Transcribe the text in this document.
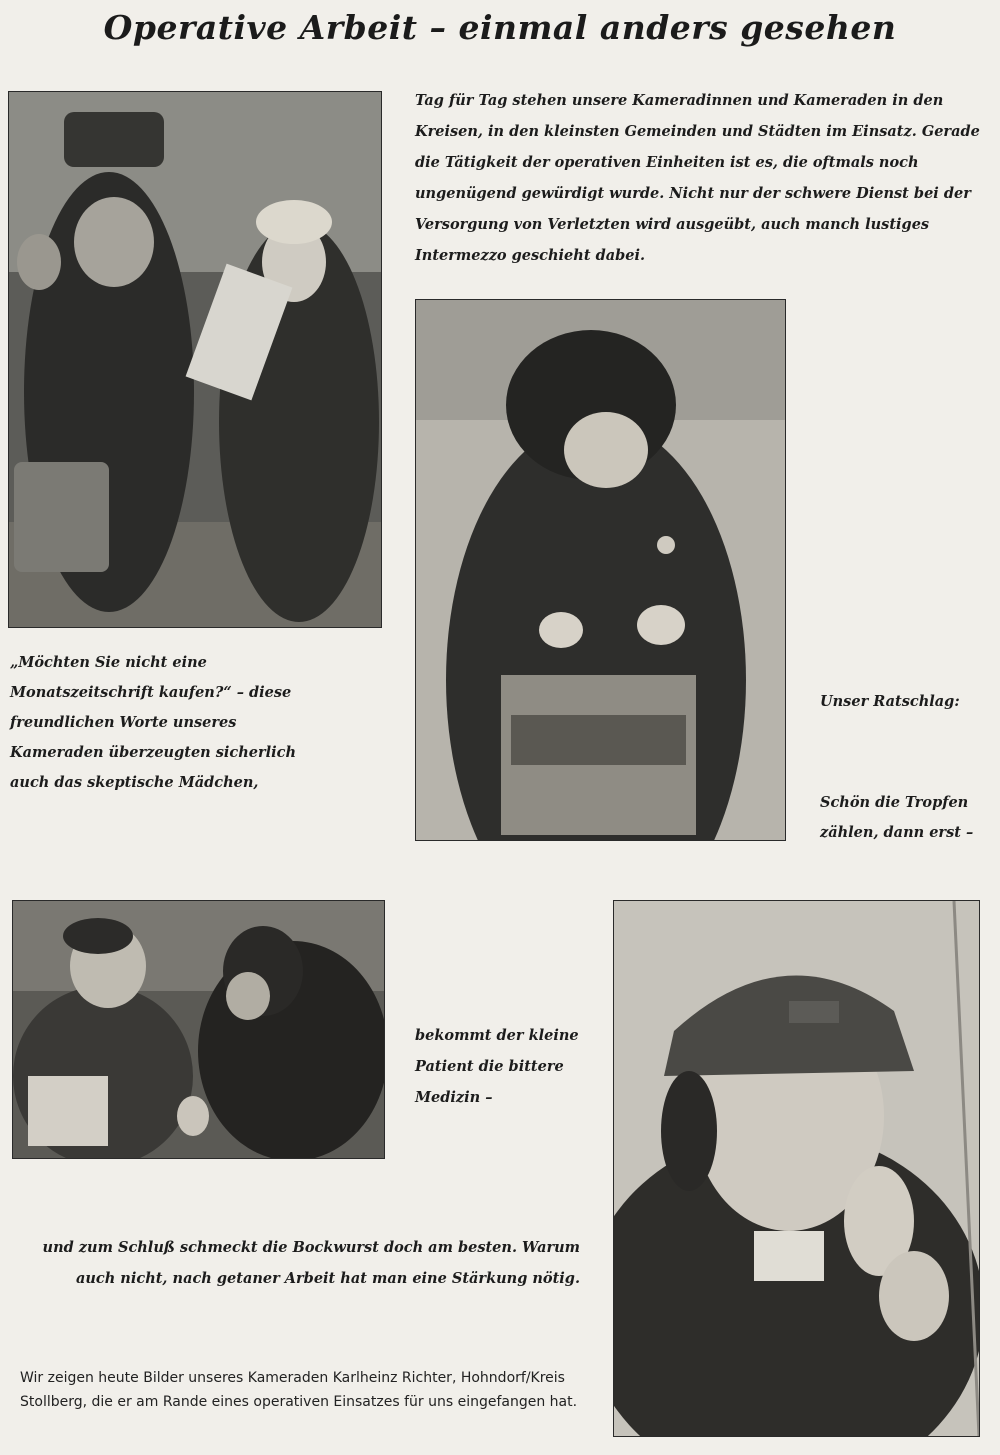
Operative Arbeit – einmal anders gesehen

Tag für Tag stehen unsere Kameradinnen und Kameraden in den Kreisen, in den kleinsten Gemeinden und Städten im Einsatz. Gerade die Tätigkeit der operativen Einheiten ist es, die oftmals noch ungenügend gewürdigt wurde. Nicht nur der schwere Dienst bei der Versorgung von Verletzten wird ausgeübt, auch manch lustiges Intermezzo geschieht dabei.

„Möchten Sie nicht eine Monatszeitschrift kaufen?“ – diese freundlichen Worte unseres Kameraden überzeugten sicherlich auch das skeptische Mädchen,

Unser Ratschlag:

Schön die Tropfen zählen, dann erst –

bekommt der kleine Patient die bittere Medizin –

und zum Schluß schmeckt die Bockwurst doch am besten. Warum auch nicht, nach getaner Arbeit hat man eine Stärkung nötig.

Wir zeigen heute Bilder unseres Kameraden Karlheinz Richter, Hohndorf/Kreis Stollberg, die er am Rande eines operativen Einsatzes für uns eingefangen hat.
